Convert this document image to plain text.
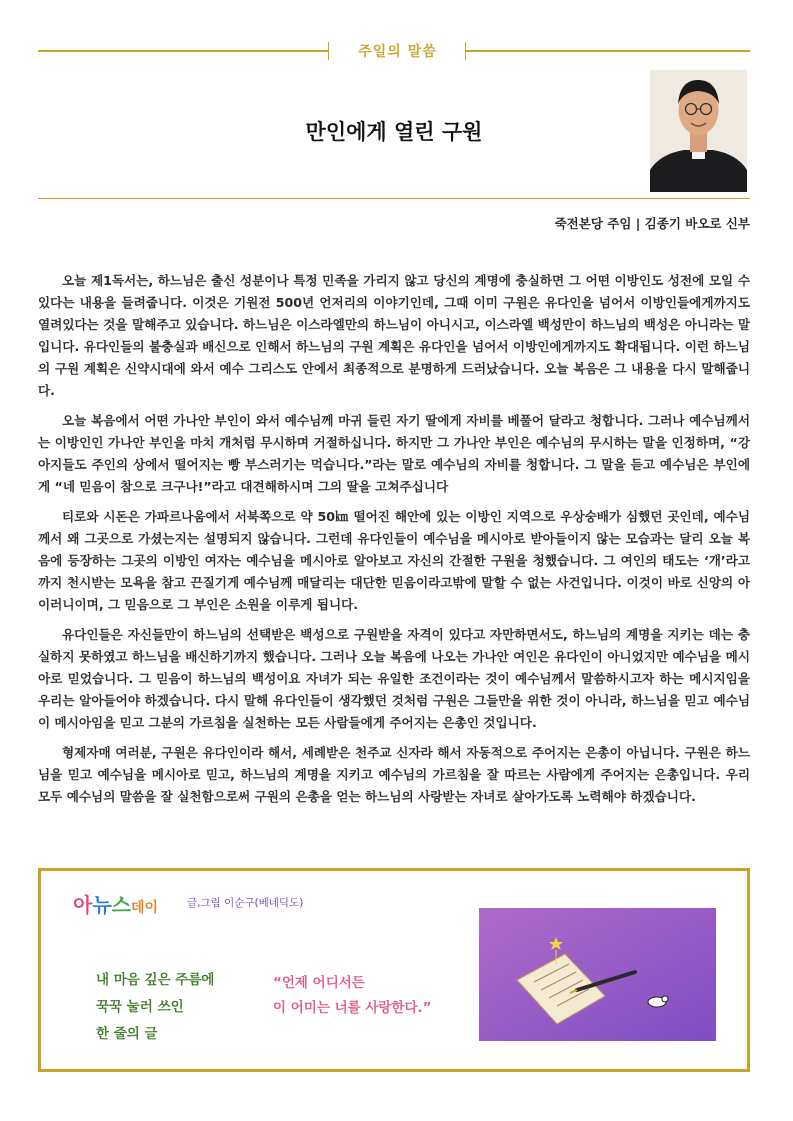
주일의 말씀
만인에게 열린 구원
죽전본당 주임 | 김종기 바오로 신부

오늘 제1독서는, 하느님은 출신 성분이나 특정 민족을 가리지 않고 당신의 계명에 충실하면 그 어떤 이방인도 성전에 모일 수 있다는 내용을 들려줍니다. 이것은 기원전 500년 언저리의 이야기인데, 그때 이미 구원은 유다인을 넘어서 이방인들에게까지도 열려있다는 것을 말해주고 있습니다. 하느님은 이스라엘만의 하느님이 아니시고, 이스라엘 백성만이 하느님의 백성은 아니라는 말입니다. 유다인들의 불충실과 배신으로 인해서 하느님의 구원 계획은 유다인을 넘어서 이방인에게까지도 확대됩니다. 이런 하느님의 구원 계획은 신약시대에 와서 예수 그리스도 안에서 최종적으로 분명하게 드러났습니다. 오늘 복음은 그 내용을 다시 말해줍니다.

오늘 복음에서 어떤 가나안 부인이 와서 예수님께 마귀 들린 자기 딸에게 자비를 베풀어 달라고 청합니다. 그러나 예수님께서는 이방인인 가나안 부인을 마치 개처럼 무시하며 거절하십니다. 하지만 그 가나안 부인은 예수님의 무시하는 말을 인정하며, “강아지들도 주인의 상에서 떨어지는 빵 부스러기는 먹습니다.”라는 말로 예수님의 자비를 청합니다. 그 말을 듣고 예수님은 부인에게 “네 믿음이 참으로 크구나!”라고 대견해하시며 그의 딸을 고쳐주십니다

티로와 시돈은 가파르나움에서 서북쪽으로 약 50㎞ 떨어진 해안에 있는 이방인 지역으로 우상숭배가 심했던 곳인데, 예수님께서 왜 그곳으로 가셨는지는 설명되지 않습니다. 그런데 유다인들이 예수님을 메시아로 받아들이지 않는 모습과는 달리 오늘 복음에 등장하는 그곳의 이방인 여자는 예수님을 메시아로 알아보고 자신의 간절한 구원을 청했습니다. 그 여인의 태도는 ‘개’라고까지 천시받는 모욕을 참고 끈질기게 예수님께 매달리는 대단한 믿음이라고밖에 말할 수 없는 사건입니다. 이것이 바로 신앙의 아이러니이며, 그 믿음으로 그 부인은 소원을 이루게 됩니다.

유다인들은 자신들만이 하느님의 선택받은 백성으로 구원받을 자격이 있다고 자만하면서도, 하느님의 계명을 지키는 데는 충실하지 못하였고 하느님을 배신하기까지 했습니다. 그러나 오늘 복음에 나오는 가나안 여인은 유다인이 아니었지만 예수님을 메시아로 믿었습니다. 그 믿음이 하느님의 백성이요 자녀가 되는 유일한 조건이라는 것이 예수님께서 말씀하시고자 하는 메시지임을 우리는 알아들어야 하겠습니다. 다시 말해 유다인들이 생각했던 것처럼 구원은 그들만을 위한 것이 아니라, 하느님을 믿고 예수님이 메시아임을 믿고 그분의 가르침을 실천하는 모든 사람들에게 주어지는 은총인 것입니다.

형제자매 여러분, 구원은 유다인이라 해서, 세례받은 천주교 신자라 해서 자동적으로 주어지는 은총이 아닙니다. 구원은 하느님을 믿고 예수님을 메시아로 믿고, 하느님의 계명을 지키고 예수님의 가르침을 잘 따르는 사람에게 주어지는 은총입니다. 우리 모두 예수님의 말씀을 잘 실천함으로써 구원의 은총을 얻는 하느님의 사랑받는 자녀로 살아가도록 노력해야 하겠습니다.

아뉴스데이	글,그림 이순구(베네딕도)
내 마음 깊은 주름에
꾹꾹 눌러 쓰인
한 줄의 글
“언제 어디서든
이 어미는 너를 사랑한다.”
